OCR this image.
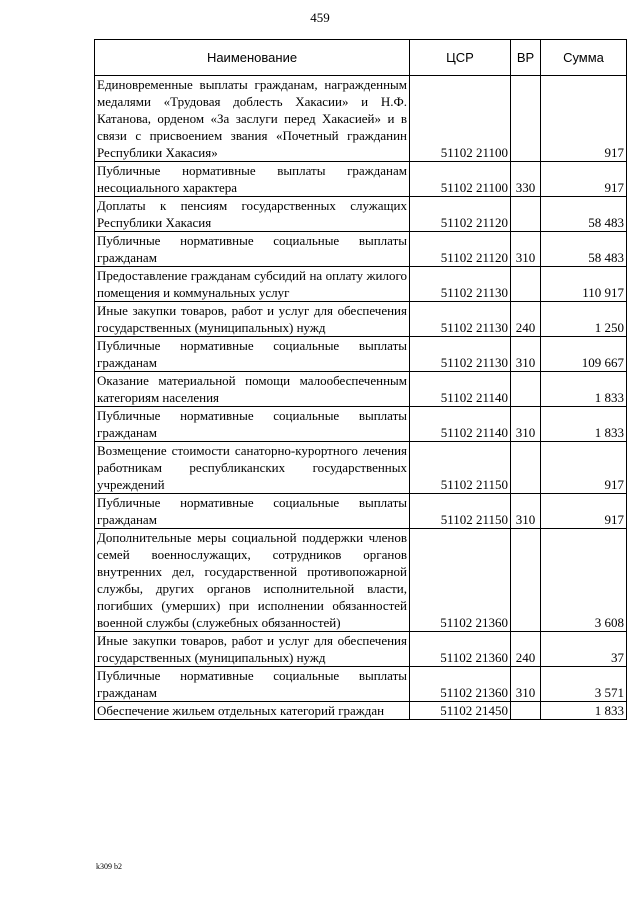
459
Наименование	ЦСР	ВР	Сумма
Единовременные выплаты гражданам, награжденным медалями «Трудовая доблесть Хакасии» и Н.Ф. Катанова, орденом «За заслуги перед Хакасией» и в связи с присвоением звания «Почетный гражданин Республики Хакасия»	51102 21100		917
Публичные нормативные выплаты гражданам несоциального характера	51102 21100	330	917
Доплаты к пенсиям государственных служащих Республики Хакасия	51102 21120		58 483
Публичные нормативные социальные выплаты гражданам	51102 21120	310	58 483
Предоставление гражданам субсидий на оплату жилого помещения и коммунальных услуг	51102 21130		110 917
Иные закупки товаров, работ и услуг для обеспечения государственных (муниципальных) нужд	51102 21130	240	1 250
Публичные нормативные социальные выплаты гражданам	51102 21130	310	109 667
Оказание материальной помощи малообеспеченным категориям населения	51102 21140		1 833
Публичные нормативные социальные выплаты гражданам	51102 21140	310	1 833
Возмещение стоимости санаторно-курортного лечения работникам республиканских государственных учреждений	51102 21150		917
Публичные нормативные социальные выплаты гражданам	51102 21150	310	917
Дополнительные меры социальной поддержки членов семей военнослужащих, сотрудников органов внутренних дел, государственной противопожарной службы, других органов исполнительной власти, погибших (умерших) при исполнении обязанностей военной службы (служебных обязанностей)	51102 21360		3 608
Иные закупки товаров, работ и услуг для обеспечения государственных (муниципальных) нужд	51102 21360	240	37
Публичные нормативные социальные выплаты гражданам	51102 21360	310	3 571
Обеспечение жильем отдельных категорий граждан	51102 21450		1 833
k309 b2
